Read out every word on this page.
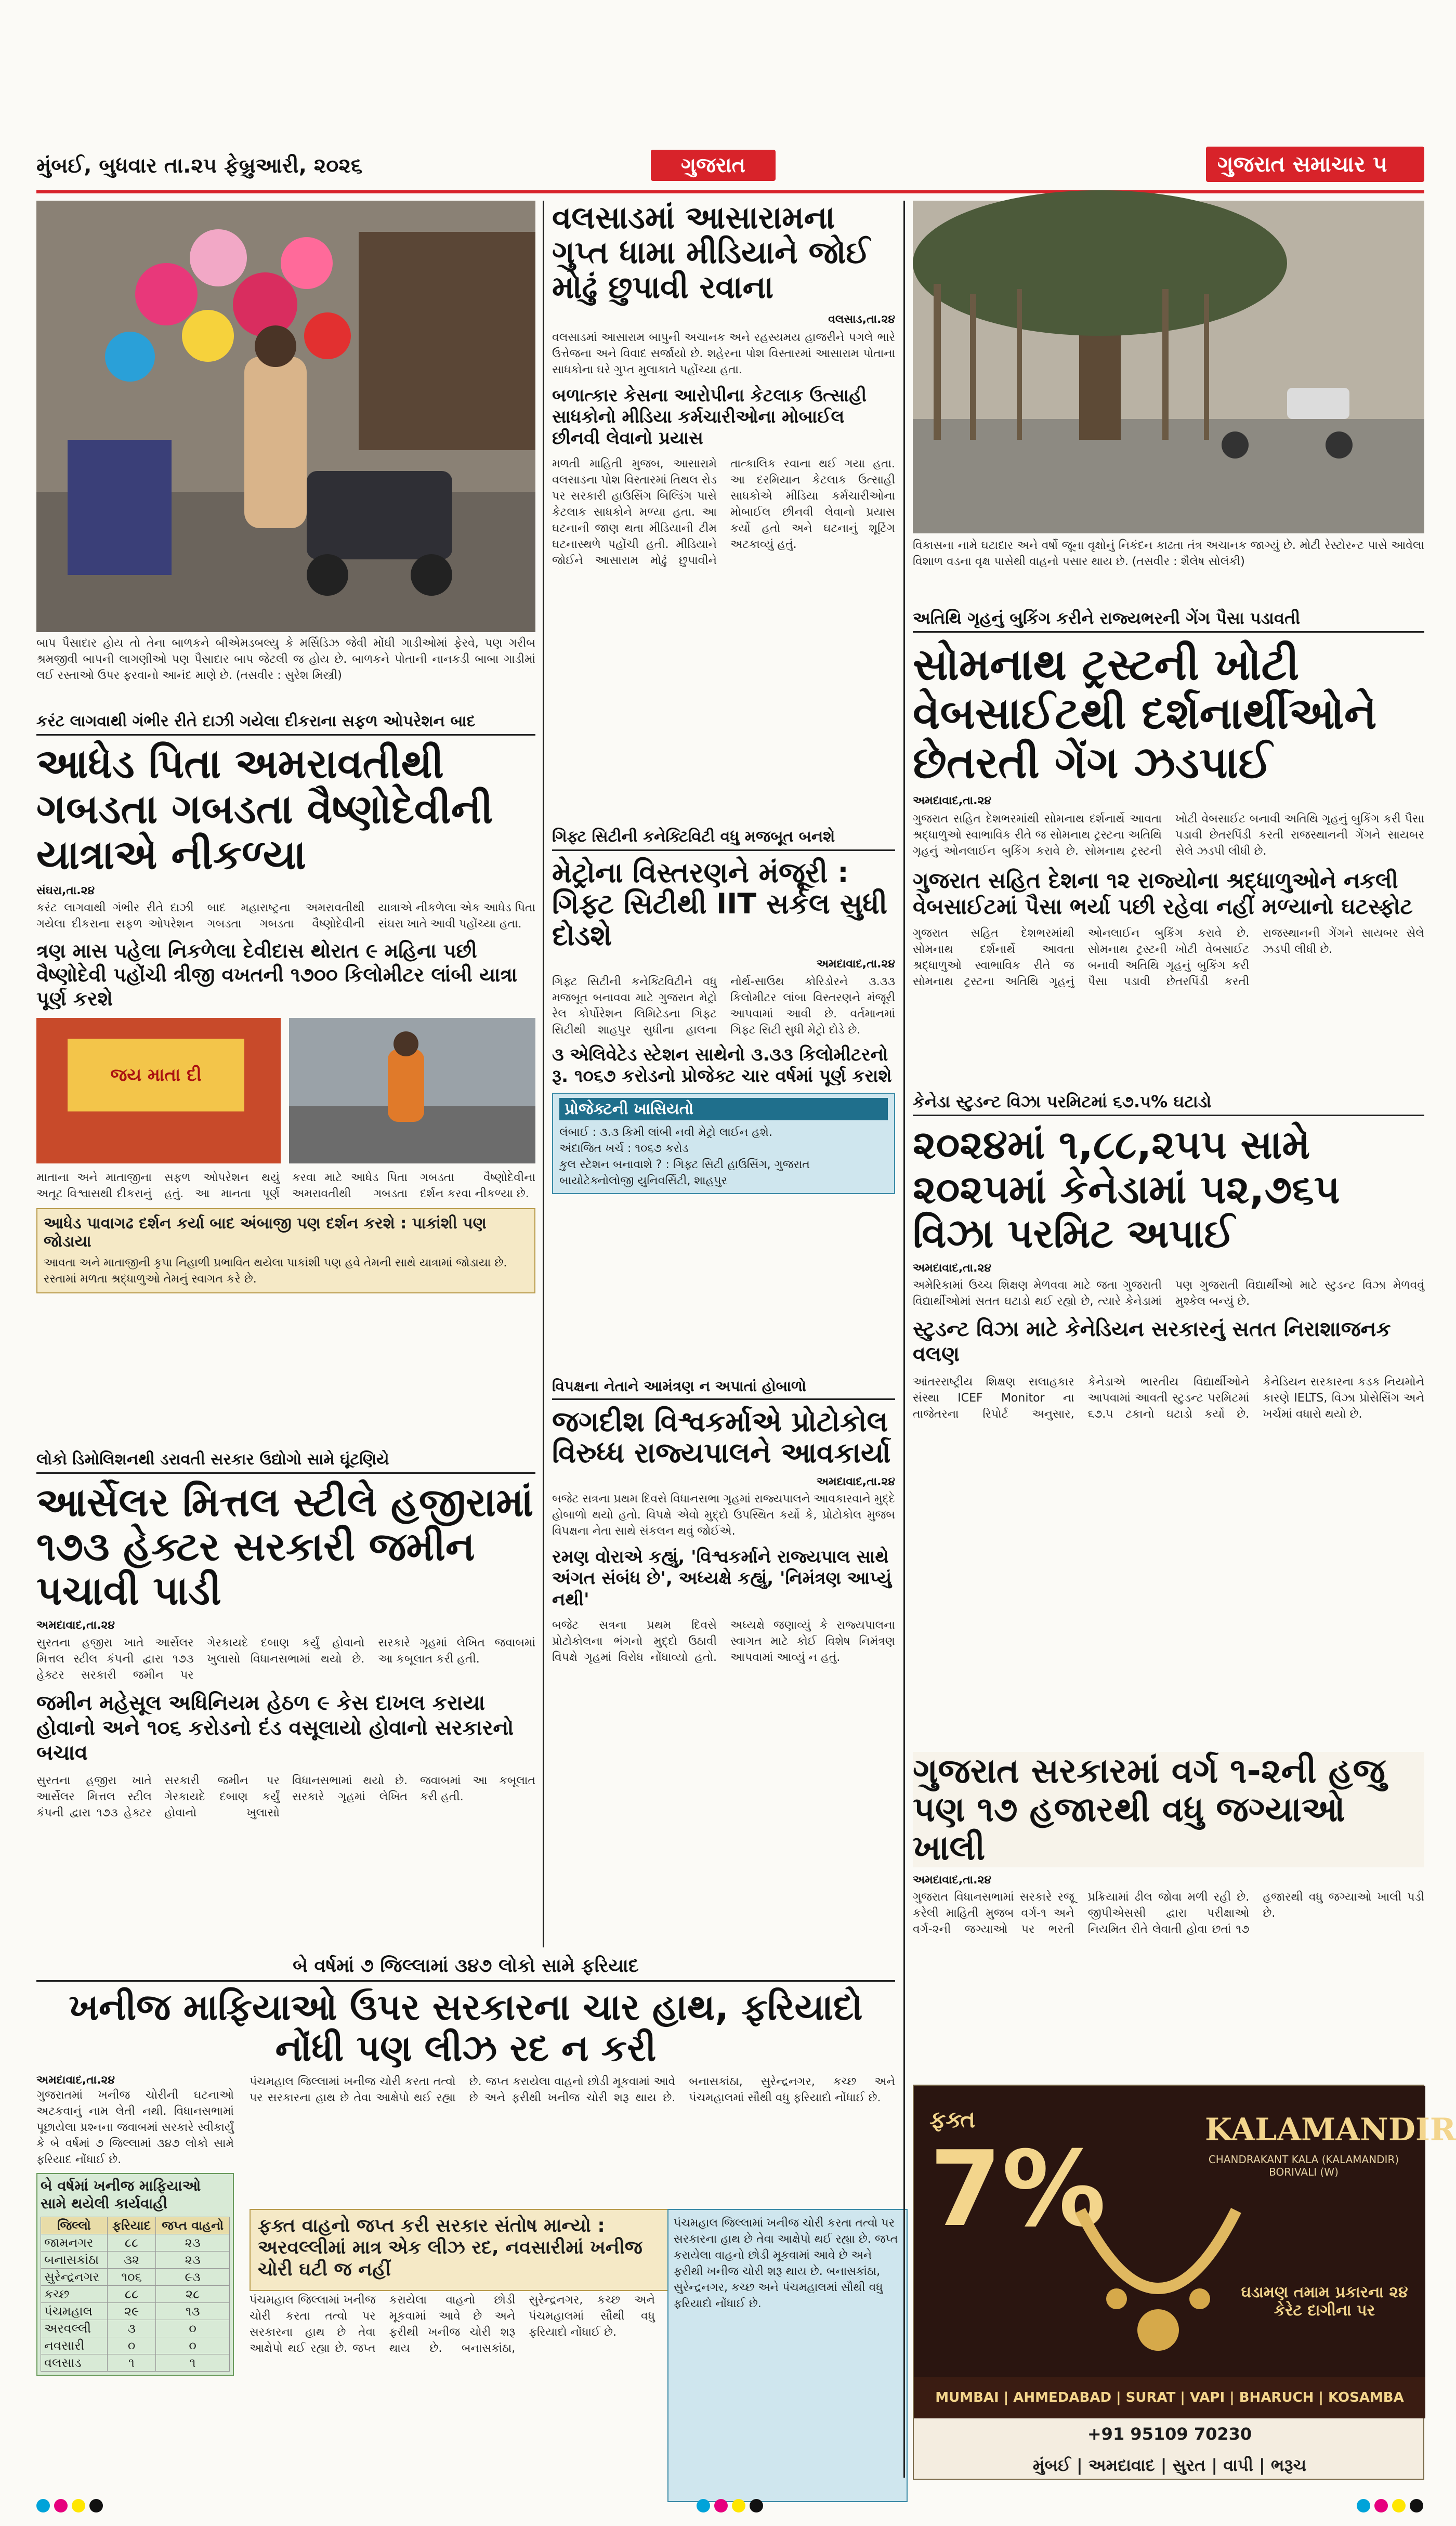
મુંબઈ, બુધવાર તા.૨૫ ફેબ્રુઆરી, ૨૦૨૬	ગુજરાત	ગુજરાત સમાચાર ૫
બાપ પૈસાદાર હોય તો તેના બાળકને બીએમડબલ્યુ કે મર્સિડિઝ જેવી મોંઘી ગાડીઓમાં ફેરવે, પણ ગરીબ શ્રમજીવી બાપની લાગણીઓ પણ પૈસાદાર બાપ જેટલી જ હોય છે. બાળકને પોતાની નાનકડી બાબા ગાડીમાં લઈ રસ્તાઓ ઉપર ફરવાનો આનંદ માણે છે. (તસવીર : સુરેશ મિસ્ત્રી)
વલસાડમાં આસારામના ગુપ્ત ધામા મીડિયાને જોઈ મોઢું છુપાવી રવાના
વલસાડ,તા.૨૪
વલસાડમાં આસારામ બાપુની અચાનક અને રહસ્યમય હાજરીને પગલે ભારે ઉત્તેજના અને વિવાદ સર્જાયો છે. શહેરના પોશ વિસ્તારમાં આસારામ પોતાના સાધકોના ઘરે ગુપ્ત મુલાકાતે પહોંચ્યા હતા.
બળાત્કાર કેસના આરોપીના કેટલાક ઉત્સાહી સાધકોનો મીડિયા કર્મચારીઓના મોબાઈલ છીનવી લેવાનો પ્રયાસ
મળતી માહિતી મુજબ, આસારામે વલસાડના પોશ વિસ્તારમાં તિથલ રોડ પર સરકારી હાઉસિંગ બિલ્ડિંગ પાસે કેટલાક સાધકોને મળ્યા હતા. આ ઘટનાની જાણ થતા મીડિયાની ટીમ ઘટનાસ્થળે પહોંચી હતી. મીડિયાને જોઈને આસારામ મોઢું છુપાવીને તાત્કાલિક રવાના થઈ ગયા હતા. આ દરમિયાન કેટલાક ઉત્સાહી સાધકોએ મીડિયા કર્મચારીઓના મોબાઈલ છીનવી લેવાનો પ્રયાસ કર્યો હતો અને ઘટનાનું શૂટિંગ અટકાવ્યું હતું.	વિકાસના નામે ઘટાદાર અને વર્ષો જૂના વૃક્ષોનું નિકંદન કાઢતા તંત્ર અચાનક જાગ્યું છે. મોટી રેસ્ટોરન્ટ પાસે આવેલા વિશાળ વડના વૃક્ષ પાસેથી વાહનો પસાર થાય છે. (તસવીર : શૈલેષ સોલંકી)
અતિથિ ગૃહનું બુકિંગ કરીને રાજ્યભરની ગેંગ પૈસા પડાવતી
સોમનાથ ટ્રસ્ટની ખોટી વેબસાઈટથી દર્શનાર્થીઓને છેતરતી ગેંગ ઝડપાઈ
અમદાવાદ,તા.૨૪
ગુજરાત સહિત દેશભરમાંથી સોમનાથ દર્શનાર્થે આવતા શ્રદ્ધાળુઓ સ્વાભાવિક રીતે જ સોમનાથ ટ્રસ્ટના અતિથિ ગૃહનું ઓનલાઈન બુકિંગ કરાવે છે. સોમનાથ ટ્રસ્ટની ખોટી વેબસાઈટ બનાવી અતિથિ ગૃહનું બુકિંગ કરી પૈસા પડાવી છેતરપિંડી કરતી રાજસ્થાનની ગેંગને સાયબર સેલે ઝડપી લીધી છે.
ગુજરાત સહિત દેશના ૧૨ રાજ્યોના શ્રદ્ધાળુઓને નકલી વેબસાઈટમાં પૈસા ભર્યા પછી રહેવા નહીં મળ્યાનો ઘટસ્ફોટ
ગુજરાત સહિત દેશભરમાંથી સોમનાથ દર્શનાર્થે આવતા શ્રદ્ધાળુઓ સ્વાભાવિક રીતે જ સોમનાથ ટ્રસ્ટના અતિથિ ગૃહનું ઓનલાઈન બુકિંગ કરાવે છે. સોમનાથ ટ્રસ્ટની ખોટી વેબસાઈટ બનાવી અતિથિ ગૃહનું બુકિંગ કરી પૈસા પડાવી છેતરપિંડી કરતી રાજસ્થાનની ગેંગને સાયબર સેલે ઝડપી લીધી છે.
કરંટ લાગવાથી ગંભીર રીતે દાઝી ગયેલા દીકરાના સફળ ઓપરેશન બાદ
આધેડ પિતા અમરાવતીથી ગબડતા ગબડતા વૈષ્ણોદેવીની યાત્રાએ નીકળ્યા
સંઘરા,તા.૨૪
કરંટ લાગવાથી ગંભીર રીતે દાઝી ગયેલા દીકરાના સફળ ઓપરેશન બાદ મહારાષ્ટ્રના અમરાવતીથી ગબડતા ગબડતા વૈષ્ણોદેવીની યાત્રાએ નીકળેલા એક આધેડ પિતા સંઘરા ખાતે આવી પહોંચ્યા હતા.
ત્રણ માસ પહેલા નિકળેલા દેવીદાસ થોરાત ૯ મહિના પછી વૈષ્ણોદેવી પહોંચી ત્રીજી વખતની ૧૭૦૦ કિલોમીટર લાંબી યાત્રા પૂર્ણ કરશે
જય માતા દી
માતાના અને માતાજીના અતૂટ વિશ્વાસથી દીકરાનું સફળ ઓપરેશન થયું હતું. આ માનતા પૂર્ણ કરવા માટે આધેડ પિતા અમરાવતીથી ગબડતા ગબડતા વૈષ્ણોદેવીના દર્શન કરવા નીકળ્યા છે.
આધેડ પાવાગઢ દર્શન કર્યા બાદ અંબાજી પણ દર્શન કરશે : પાકાંશી પણ જોડાયા

આવતા અને માતાજીની કૃપા નિહાળી પ્રભાવિત થયેલા પાકાંશી પણ હવે તેમની સાથે યાત્રામાં જોડાયા છે. રસ્તામાં મળતા શ્રદ્ધાળુઓ તેમનું સ્વાગત કરે છે.

ગિફ્ટ સિટીની કનેક્ટિવિટી વધુ મજબૂત બનશે
મેટ્રોના વિસ્તરણને મંજૂરી : ગિફ્ટ સિટીથી IIT સર્કલ સુધી દોડશે
અમદાવાદ,તા.૨૪
ગિફ્ટ સિટીની કનેક્ટિવિટીને વધુ મજબૂત બનાવવા માટે ગુજરાત મેટ્રો રેલ કોર્પોરેશન લિમિટેડના ગિફ્ટ સિટીથી શાહપુર સુધીના હાલના નોર્થ-સાઉથ કોરિડોરને ૩.૩૩ કિલોમીટર લાંબા વિસ્તરણને મંજૂરી આપવામાં આવી છે. વર્તમાનમાં ગિફ્ટ સિટી સુધી મેટ્રો દોડે છે.
૩ એલિવેટેડ સ્ટેશન સાથેનો ૩.૩૩ કિલોમીટરનો રૂ. ૧૦૬૭ કરોડનો પ્રોજેક્ટ ચાર વર્ષમાં પૂર્ણ કરાશે
પ્રોજેક્ટની ખાસિયતો

લંબાઈ : ૩.૩ કિમી લાંબી નવી મેટ્રો લાઈન હશે.

અંદાજિત ખર્ચ : ૧૦૬૭ કરોડ

કુલ સ્ટેશન બનાવાશે ? : ગિફ્ટ સિટી હાઉસિંગ, ગુજરાત બાયોટેક્નોલોજી યુનિવર્સિટી, શાહપુર

કેનેડા સ્ટુડન્ટ વિઝા પરમિટમાં ૬૭.૫% ઘટાડો
૨૦૨૪માં ૧,૮૮,૨૫૫ સામે ૨૦૨૫માં કેનેડામાં ૫૨,૭૬૫ વિઝા પરમિટ અપાઈ
અમદાવાદ,તા.૨૪
અમેરિકામાં ઉચ્ચ શિક્ષણ મેળવવા માટે જતા ગુજરાતી વિદ્યાર્થીઓમાં સતત ઘટાડો થઈ રહ્યો છે, ત્યારે કેનેડામાં પણ ગુજરાતી વિદ્યાર્થીઓ માટે સ્ટુડન્ટ વિઝા મેળવવું મુશ્કેલ બન્યું છે.
સ્ટુડન્ટ વિઝા માટે કેનેડિયન સરકારનું સતત નિરાશાજનક વલણ
આંતરરાષ્ટ્રીય શિક્ષણ સલાહકાર સંસ્થા ICEF Monitor ના તાજેતરના રિપોર્ટ અનુસાર, કેનેડાએ ભારતીય વિદ્યાર્થીઓને આપવામાં આવતી સ્ટુડન્ટ પરમિટમાં ૬૭.૫ ટકાનો ઘટાડો કર્યો છે. કેનેડિયન સરકારના કડક નિયમોને કારણે IELTS, વિઝા પ્રોસેસિંગ અને ખર્ચમાં વધારો થયો છે.
વિપક્ષના નેતાને આમંત્રણ ન અપાતાં હોબાળો
જગદીશ વિશ્વકર્માએ પ્રોટોકોલ વિરુધ્ધ રાજ્યપાલને આવકાર્યા
અમદાવાદ,તા.૨૪
બજેટ સત્રના પ્રથમ દિવસે વિધાનસભા ગૃહમાં રાજ્યપાલને આવકારવાને મુદ્દે હોબાળો થયો હતો. વિપક્ષે એવો મુદ્દો ઉપસ્થિત કર્યો કે, પ્રોટોકોલ મુજબ વિપક્ષના નેતા સાથે સંકલન થવું જોઈએ.
રમણ વોરાએ કહ્યું, 'વિશ્વકર્માને રાજ્યપાલ સાથે અંગત સંબંધ છે', અધ્યક્ષે કહ્યું, 'નિમંત્રણ આપ્યું નથી'
બજેટ સત્રના પ્રથમ દિવસે પ્રોટોકોલના ભંગનો મુદ્દો ઉઠાવી વિપક્ષે ગૃહમાં વિરોધ નોંધાવ્યો હતો. અધ્યક્ષે જણાવ્યું કે રાજ્યપાલના સ્વાગત માટે કોઈ વિશેષ નિમંત્રણ આપવામાં આવ્યું ન હતું.
લોકો ડિમોલિશનથી ડરાવતી સરકાર ઉદ્યોગો સામે ઘૂંટણિયે
આર્સેલર મિત્તલ સ્ટીલે હજીરામાં ૧૭૩ હેક્ટર સરકારી જમીન પચાવી પાડી
અમદાવાદ,તા.૨૪
સુરતના હજીરા ખાતે આર્સેલર મિત્તલ સ્ટીલ કંપની દ્વારા ૧૭૩ હેક્ટર સરકારી જમીન પર ગેરકાયદે દબાણ કર્યું હોવાનો ખુલાસો વિધાનસભામાં થયો છે. સરકારે ગૃહમાં લેખિત જવાબમાં આ કબૂલાત કરી હતી.
જમીન મહેસૂલ અધિનિયમ હેઠળ ૯ કેસ દાખલ કરાયા હોવાનો અને ૧૦૬ કરોડનો દંડ વસૂલાયો હોવાનો સરકારનો બચાવ
સુરતના હજીરા ખાતે આર્સેલર મિત્તલ સ્ટીલ કંપની દ્વારા ૧૭૩ હેક્ટર સરકારી જમીન પર ગેરકાયદે દબાણ કર્યું હોવાનો ખુલાસો વિધાનસભામાં થયો છે. સરકારે ગૃહમાં લેખિત જવાબમાં આ કબૂલાત કરી હતી.
ગુજરાત સરકારમાં વર્ગ ૧-૨ની હજુ પણ ૧૭ હજારથી વધુ જગ્યાઓ ખાલી
અમદાવાદ,તા.૨૪
ગુજરાત વિધાનસભામાં સરકારે રજૂ કરેલી માહિતી મુજબ વર્ગ-૧ અને વર્ગ-૨ની જગ્યાઓ પર ભરતી પ્રક્રિયામાં ઢીલ જોવા મળી રહી છે. જીપીએસસી દ્વારા પરીક્ષાઓ નિયમિત રીતે લેવાતી હોવા છતાં ૧૭ હજારથી વધુ જગ્યાઓ ખાલી પડી છે.
બે વર્ષમાં ૭ જિલ્લામાં ૩૪૭ લોકો સામે ફરિયાદ
ખનીજ માફિયાઓ ઉપર સરકારના ચાર હાથ, ફરિયાદો નોંધી પણ લીઝ રદ ન કરી
અમદાવાદ,તા.૨૪
ગુજરાતમાં ખનીજ ચોરીની ઘટનાઓ અટકવાનું નામ લેતી નથી. વિધાનસભામાં પૂછાયેલા પ્રશ્નના જવાબમાં સરકારે સ્વીકાર્યું કે બે વર્ષમાં ૭ જિલ્લામાં ૩૪૭ લોકો સામે ફરિયાદ નોંધાઈ છે.
બે વર્ષમાં ખનીજ માફિયાઓ સામે થયેલી કાર્યવાહી
જિલ્લો	ફરિયાદ	જપ્ત વાહનો
જામનગર	૮૮	૨૩
બનાસકાંઠા	૩૨	૨૩
સુરેન્દ્રનગર	૧૦૬	૯૩
કચ્છ	૮૮	૨૮
પંચમહાલ	૨૯	૧૩
અરવલ્લી	૩	૦
નવસારી	૦	૦
વલસાડ	૧	૧
પંચમહાલ જિલ્લામાં ખનીજ ચોરી કરતા તત્વો પર સરકારના હાથ છે તેવા આક્ષેપો થઈ રહ્યા છે. જપ્ત કરાયેલા વાહનો છોડી મૂકવામાં આવે છે અને ફરીથી ખનીજ ચોરી શરૂ થાય છે. બનાસકાંઠા, સુરેન્દ્રનગર, કચ્છ અને પંચમહાલમાં સૌથી વધુ ફરિયાદો નોંધાઈ છે.
ફક્ત વાહનો જપ્ત કરી સરકાર સંતોષ માન્યો : અરવલ્લીમાં માત્ર એક લીઝ રદ, નવસારીમાં ખનીજ ચોરી ઘટી જ નહીં
પંચમહાલ જિલ્લામાં ખનીજ ચોરી કરતા તત્વો પર સરકારના હાથ છે તેવા આક્ષેપો થઈ રહ્યા છે. જપ્ત કરાયેલા વાહનો છોડી મૂકવામાં આવે છે અને ફરીથી ખનીજ ચોરી શરૂ થાય છે. બનાસકાંઠા, સુરેન્દ્રનગર, કચ્છ અને પંચમહાલમાં સૌથી વધુ ફરિયાદો નોંધાઈ છે.

પંચમહાલ જિલ્લામાં ખનીજ ચોરી કરતા તત્વો પર સરકારના હાથ છે તેવા આક્ષેપો થઈ રહ્યા છે. જપ્ત કરાયેલા વાહનો છોડી મૂકવામાં આવે છે અને ફરીથી ખનીજ ચોરી શરૂ થાય છે. બનાસકાંઠા, સુરેન્દ્રનગર, કચ્છ અને પંચમહાલમાં સૌથી વધુ ફરિયાદો નોંધાઈ છે.

ફક્ત
7%	KALAMANDIR
CHANDRAKANT KALA (KALAMANDIR) BORIVALI (W)
ઘડામણ તમામ પ્રકારના ૨૪ કેરેટ દાગીના પર
MUMBAI | AHMEDABAD | SURAT | VAPI | BHARUCH | KOSAMBA
+91 95109 70230
મુંબઈ | અમદાવાદ | સુરત | વાપી | ભરૂચ
